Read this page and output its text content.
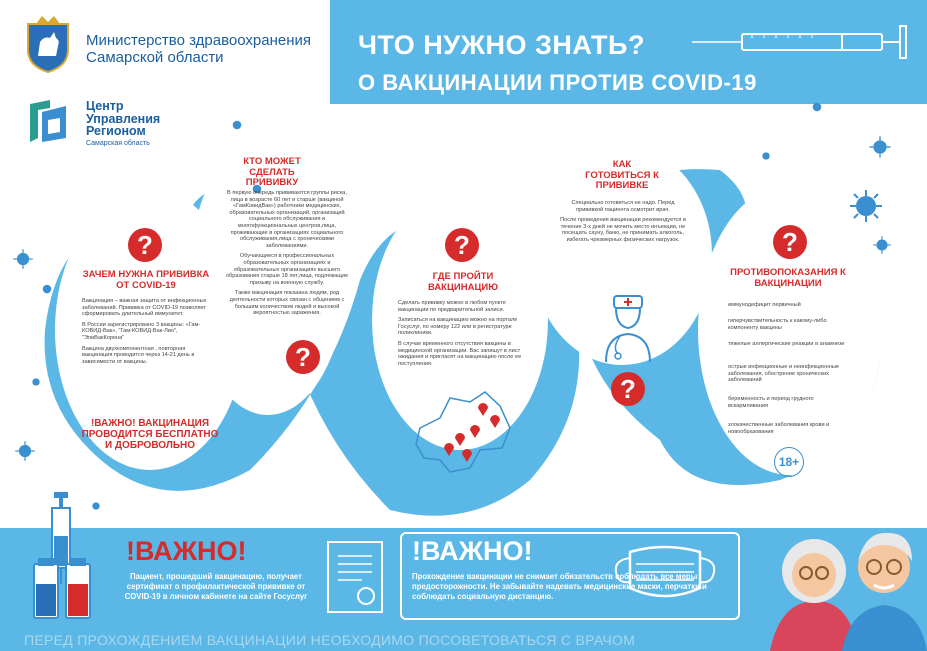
ЧТО НУЖНО ЗНАТЬ?
О ВАКЦИНАЦИИ ПРОТИВ COVID-19
Министерство здравоохранения
Самарской области
Центр
Управления
Регионом
Самарская область
?
ЗАЧЕМ НУЖНА ПРИВИВКА ОТ COVID-19

Вакцинация – важная защита от инфекционных заболеваний. Прививка от COVID-19 позволяет сформировать длительный иммунитет.

В России зарегистрировано 3 вакцины: «Гам-КОВИД-Вак», "Гам-КОВИД-Вак-Лио", "ЭпиВакКорона"

Вакцина двухкомпонентная , повторная вакцинация проводится через 14-21 день в зависимости от вакцины.

!ВАЖНО! ВАКЦИНАЦИЯ ПРОВОДИТСЯ БЕСПЛАТНО И ДОБРОВОЛЬНО
КТО МОЖЕТ СДЕЛАТЬ ПРИВИВКУ

В первую очередь прививаются группы риска, лица в возрасте 60 лет и старше (вакциной «ГамКовидВак») работники медицинских, образовательных организаций, организаций социального обслуживания и многофункциональных центров,лица, проживающие в организациях социального обслуживания,лица с хроническими заболеваниями.

Обучающиеся в профессиональных образовательных организациях и образовательных организациях высшего образования старше 18 лет,лица, подлежащие призыву на военную службу.

Также вакцинация показана людям, род деятельности которых связан с общением с большим количеством людей и высокой вероятностью заражения.

?
?
ГДЕ ПРОЙТИ ВАКЦИНАЦИЮ

Сделать прививку можно в любом пункте вакцинации по предварительной записи.

Записаться на вакцинацию можно на портале Госуслуг, по номеру 122 или в регистратуре поликлиники.

В случае временного отсутствия вакцины в медицинской организации. Вас запишут в лист ожидания и пригласят на вакцинацию после ее поступления.

КАК ГОТОВИТЬСЯ К ПРИВИВКЕ

Специально готовиться не надо. Перед прививкой пациента осмотрит врач.

После проведения вакцинации рекомендуется в течение 3-х дней не мочить место инъекции, не посещать сауну, баню, не принимать алкоголь, избегать чрезмерных физических нагрузок.

?
?
ПРОТИВОПОКАЗАНИЯ К ВАКЦИНАЦИИ
иммунодефицит первичный
гиперчувствительность к какому-либо компоненту вакцины
тяжелые аллергические реакции в анамнезе
острые инфекционные и неинфекционные заболевания, обострение хронических заболеваний
беременность и период грудного вскармливания
злокачественные заболевания крови и новообразования
18+
!ВАЖНО!
Пациент, прошедший вакцинацию, получает сертификат о профилактической прививке от COVID-19 в личном кабинете на сайте Госуслуг
!ВАЖНО!
Прохождение вакцинации не снимает обязательств соблюдать все меры предосторожности. Не забывайте надевать медицинские маски, перчатки и соблюдать социальную дистанцию.
ПЕРЕД ПРОХОЖДЕНИЕМ ВАКЦИНАЦИИ НЕОБХОДИМО ПОСОВЕТОВАТЬСЯ С ВРАЧОМ
